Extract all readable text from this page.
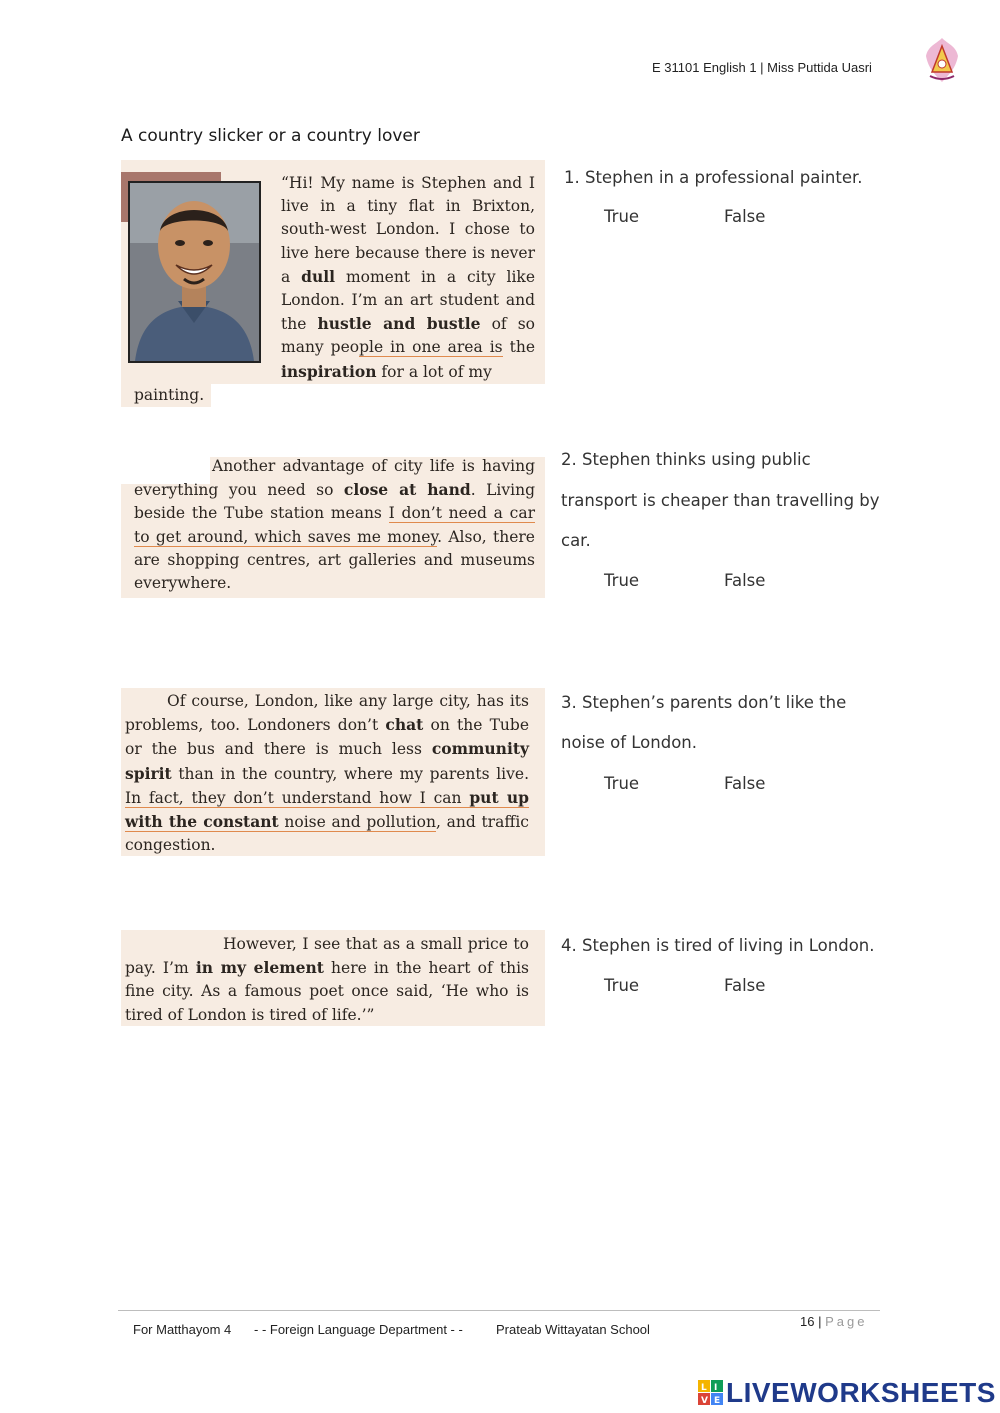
E 31101 English 1 | Miss Puttida Uasri
A country slicker or a country lover
“Hi! My name is Stephen and I live in a tiny flat in Brixton, south-west London. I chose to live here because there is never a dull moment in a city like London. I’m an art student and the hustle and bustle of so many people in one area is the inspiration for a lot of my
painting.
Another advantage of city life is having everything you need so close at hand. Living beside the Tube station means I don’t need a car to get around, which saves me money. Also, there are shopping centres, art galleries and museums everywhere.
Of course, London, like any large city, has its problems, too. Londoners don’t chat on the Tube or the bus and there is much less community spirit than in the country, where my parents live. In fact, they don’t understand how I can put up with the constant noise and pollution, and traffic congestion.
However, I see that as a small price to pay. I’m in my element here in the heart of this fine city. As a famous poet once said, ‘He who is tired of London is tired of life.’”
1. Stephen in a professional painter.
True	False
2. Stephen thinks using public
transport is cheaper than travelling by
car.
True	False
3. Stephen’s parents don’t like the
noise of London.
True	False
4. Stephen is tired of living in London.
True	False
For Matthayom 4 - - Foreign Language Department - -	Prateab Wittayatan School
16 | Page
L I
V E LIVEWORKSHEETS
